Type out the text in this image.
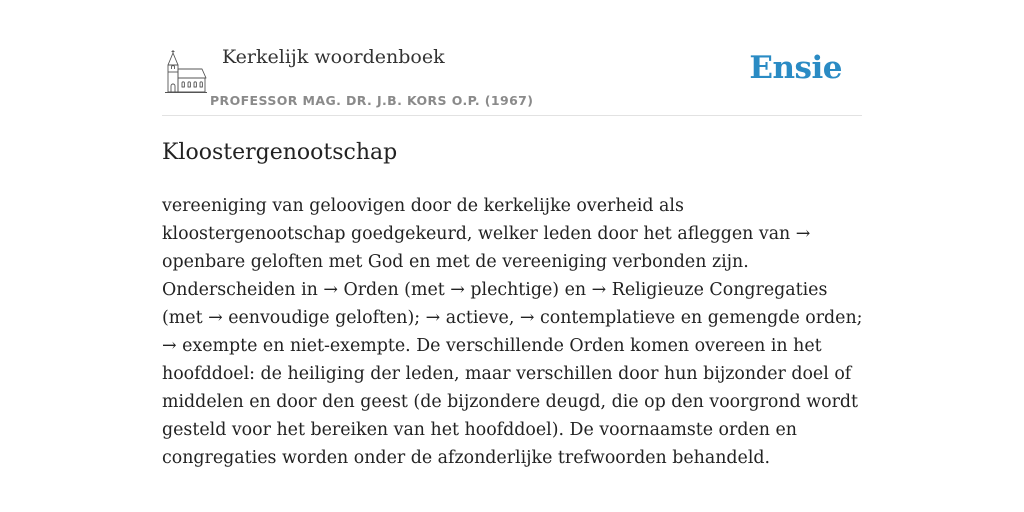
Kerkelijk woordenboek
PROFESSOR MAG. DR. J.B. KORS O.P. (1967)
Ensie
Kloostergenootschap

vereeniging van geloovigen door de kerkelijke overheid als kloostergenootschap goedgekeurd, welker leden door het afleggen van → openbare geloften met God en met de vereeniging verbonden zijn. Onderscheiden in → Orden (met → plechtige) en → Religieuze Congregaties (met → eenvoudige geloften); → actieve, → contemplatieve en gemengde orden; → exempte en niet-exempte. De verschillende Orden komen overeen in het hoofddoel: de heiliging der leden, maar verschillen door hun bijzonder doel of middelen en door den geest (de bijzondere deugd, die op den voorgrond wordt gesteld voor het bereiken van het hoofddoel). De voornaamste orden en congregaties worden onder de afzonderlijke trefwoorden behandeld.
